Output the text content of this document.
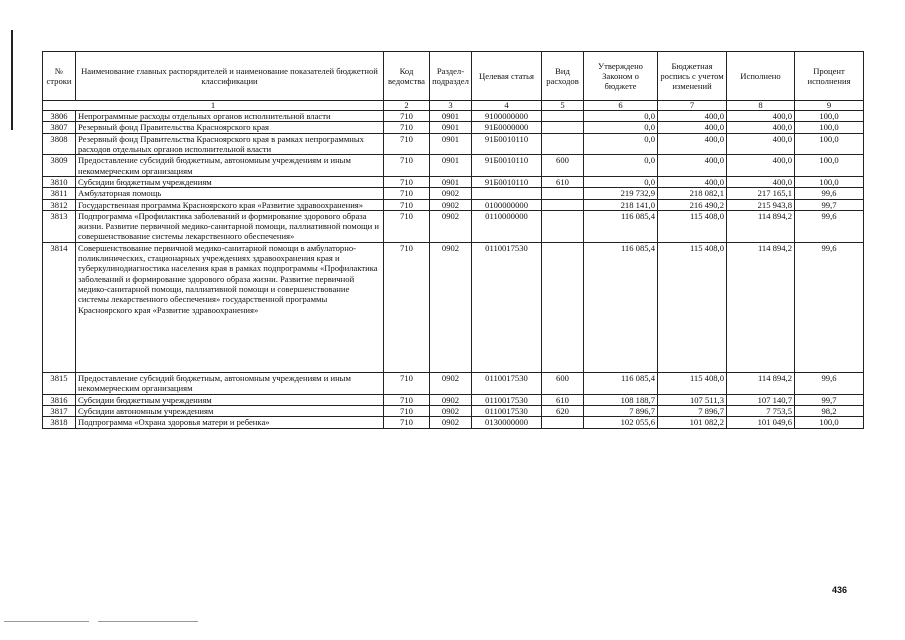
№ строки	Наименование главных распорядителей и наименование показателей бюджетной классификации	Код ведомства	Раздел-подраздел	Целевая статья	Вид расходов	Утверждено Законом о бюджете	Бюджетная роспись с учетом изменений	Исполнено	Процент исполнения
1		2	3	4	5	6	7	8	9
3806	Непрограммные расходы отдельных органов исполнительной власти	710	0901	9100000000		0,0	400,0	400,0	100,0
3807	Резервный фонд Правительства Красноярского края	710	0901	91Б0000000		0,0	400,0	400,0	100,0
3808	Резервный фонд Правительства Красноярского края в рамках непрограммных расходов отдельных органов исполнительной власти	710	0901	91Б0010110		0,0	400,0	400,0	100,0
3809	Предоставление субсидий бюджетным, автономным учреждениям и иным некоммерческим организациям	710	0901	91Б0010110	600	0,0	400,0	400,0	100,0
3810	Субсидии бюджетным учреждениям	710	0901	91Б0010110	610	0,0	400,0	400,0	100,0
3811	Амбулаторная помощь	710	0902			219 732,9	218 082,1	217 165,1	99,6
3812	Государственная программа Красноярского края «Развитие здравоохранения»	710	0902	0100000000		218 141,0	216 490,2	215 943,8	99,7
3813	Подпрограмма «Профилактика заболеваний и формирование здорового образа жизни. Развитие первичной медико-санитарной помощи, паллиативной помощи и совершенствование системы лекарственного обеспечения»	710	0902	0110000000		116 085,4	115 408,0	114 894,2	99,6
3814	Совершенствование первичной медико-санитарной помощи в амбулаторно-поликлинических, стационарных учреждениях здравоохранения края и туберкулинодиагностика населения края в рамках подпрограммы «Профилактика заболеваний и формирование здорового образа жизни. Развитие первичной медико-санитарной помощи, паллиативной помощи и совершенствование системы лекарственного обеспечения» государственной программы Красноярского края «Развитие здравоохранения»	710	0902	0110017530		116 085,4	115 408,0	114 894,2	99,6
3815	Предоставление субсидий бюджетным, автономным учреждениям и иным некоммерческим организациям	710	0902	0110017530	600	116 085,4	115 408,0	114 894,2	99,6
3816	Субсидии бюджетным учреждениям	710	0902	0110017530	610	108 188,7	107 511,3	107 140,7	99,7
3817	Субсидии автономным учреждениям	710	0902	0110017530	620	7 896,7	7 896,7	7 753,5	98,2
3818	Подпрограмма «Охрана здоровья матери и ребенка»	710	0902	0130000000		102 055,6	101 082,2	101 049,6	100,0
436
